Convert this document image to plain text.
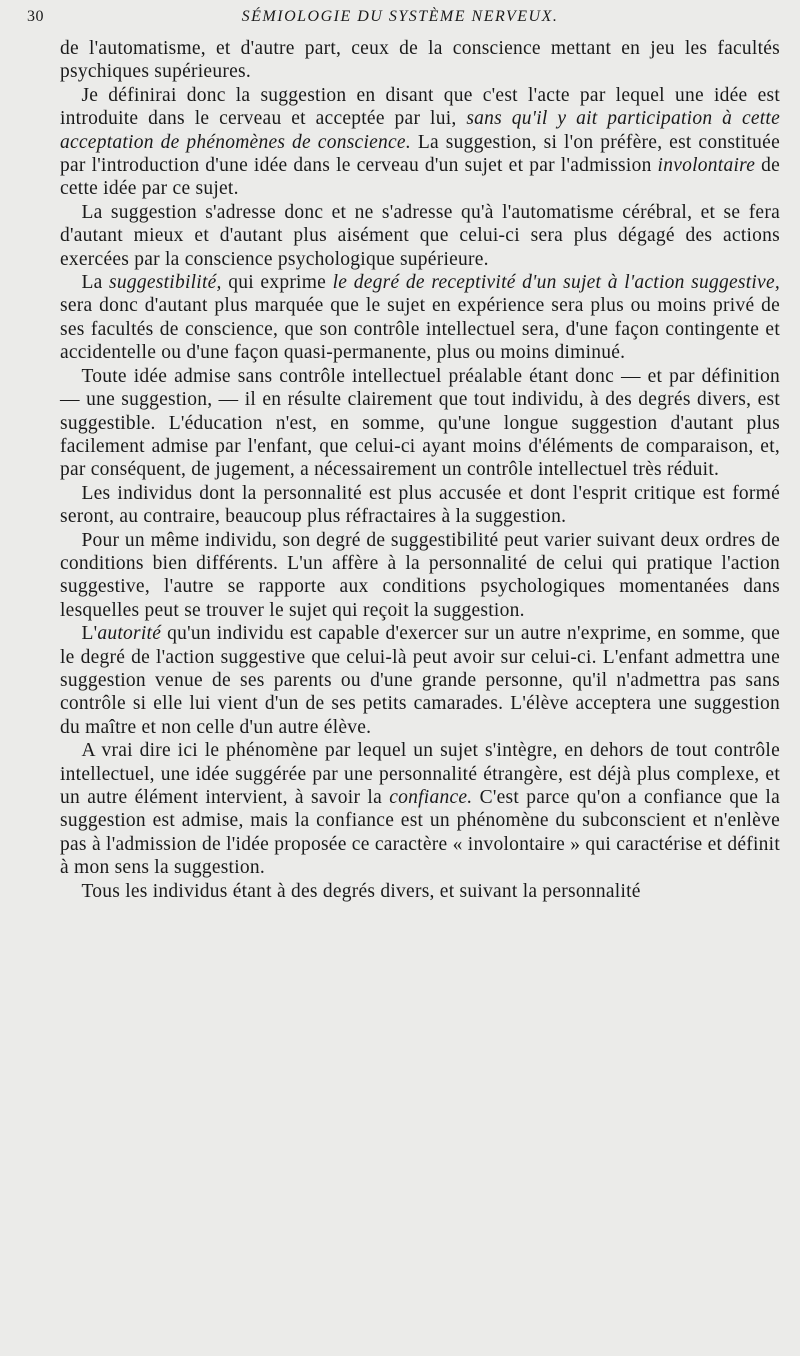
30	SÉMIOLOGIE DU SYSTÈME NERVEUX.

de l'automatisme, et d'autre part, ceux de la conscience mettant en jeu les facultés psychiques supérieures.

Je définirai donc la suggestion en disant que c'est l'acte par lequel une idée est introduite dans le cerveau et acceptée par lui, sans qu'il y ait participation à cette acceptation de phénomènes de conscience. La suggestion, si l'on préfère, est constituée par l'introduction d'une idée dans le cerveau d'un sujet et par l'admission involontaire de cette idée par ce sujet.

La suggestion s'adresse donc et ne s'adresse qu'à l'automatisme cérébral, et se fera d'autant mieux et d'autant plus aisément que celui-ci sera plus dégagé des actions exercées par la conscience psychologique supérieure.

La suggestibilité, qui exprime le degré de receptivité d'un sujet à l'action suggestive, sera donc d'autant plus marquée que le sujet en expérience sera plus ou moins privé de ses facultés de conscience, que son contrôle intellectuel sera, d'une façon contingente et accidentelle ou d'une façon quasi-permanente, plus ou moins diminué.

Toute idée admise sans contrôle intellectuel préalable étant donc — et par définition — une suggestion, — il en résulte clairement que tout individu, à des degrés divers, est suggestible. L'éducation n'est, en somme, qu'une longue suggestion d'autant plus facilement admise par l'enfant, que celui-ci ayant moins d'éléments de comparaison, et, par conséquent, de jugement, a nécessairement un contrôle intellectuel très réduit.

Les individus dont la personnalité est plus accusée et dont l'esprit critique est formé seront, au contraire, beaucoup plus réfractaires à la suggestion.

Pour un même individu, son degré de suggestibilité peut varier suivant deux ordres de conditions bien différents. L'un affère à la personnalité de celui qui pratique l'action suggestive, l'autre se rapporte aux conditions psychologiques momentanées dans lesquelles peut se trouver le sujet qui reçoit la suggestion.

L'autorité qu'un individu est capable d'exercer sur un autre n'exprime, en somme, que le degré de l'action suggestive que celui-là peut avoir sur celui-ci. L'enfant admettra une suggestion venue de ses parents ou d'une grande personne, qu'il n'admettra pas sans contrôle si elle lui vient d'un de ses petits camarades. L'élève acceptera une suggestion du maître et non celle d'un autre élève.

A vrai dire ici le phénomène par lequel un sujet s'intègre, en dehors de tout contrôle intellectuel, une idée suggérée par une personnalité étrangère, est déjà plus complexe, et un autre élément intervient, à savoir la confiance. C'est parce qu'on a confiance que la suggestion est admise, mais la confiance est un phénomène du subconscient et n'enlève pas à l'admission de l'idée proposée ce caractère « involontaire » qui caractérise et définit à mon sens la suggestion.

Tous les individus étant à des degrés divers, et suivant la personnalité
